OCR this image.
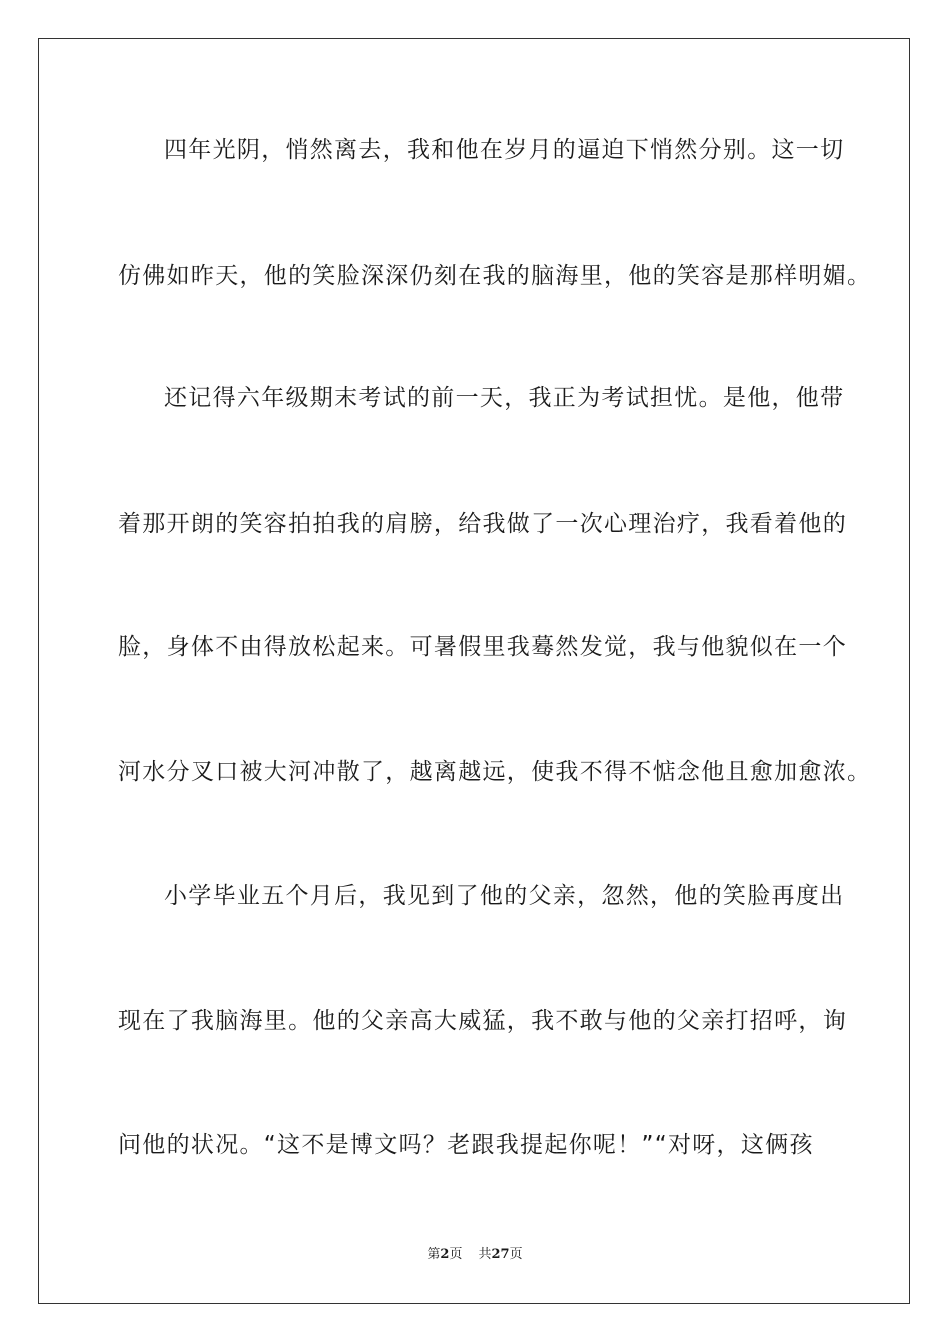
四年光阴，悄然离去，我和他在岁月的逼迫下悄然分别。这一切
仿佛如昨天，他的笑脸深深仍刻在我的脑海里，他的笑容是那样明媚。
还记得六年级期末考试的前一天，我正为考试担忧。是他，他带
着那开朗的笑容拍拍我的肩膀，给我做了一次心理治疗，我看着他的
脸，身体不由得放松起来。可暑假里我蓦然发觉，我与他貌似在一个
河水分叉口被大河冲散了，越离越远，使我不得不惦念他且愈加愈浓。
小学毕业五个月后，我见到了他的父亲，忽然，他的笑脸再度出
现在了我脑海里。他的父亲高大威猛，我不敢与他的父亲打招呼，询
问他的状况。“这不是博文吗？老跟我提起你呢！”“对呀，这俩孩
第2页 共27页
